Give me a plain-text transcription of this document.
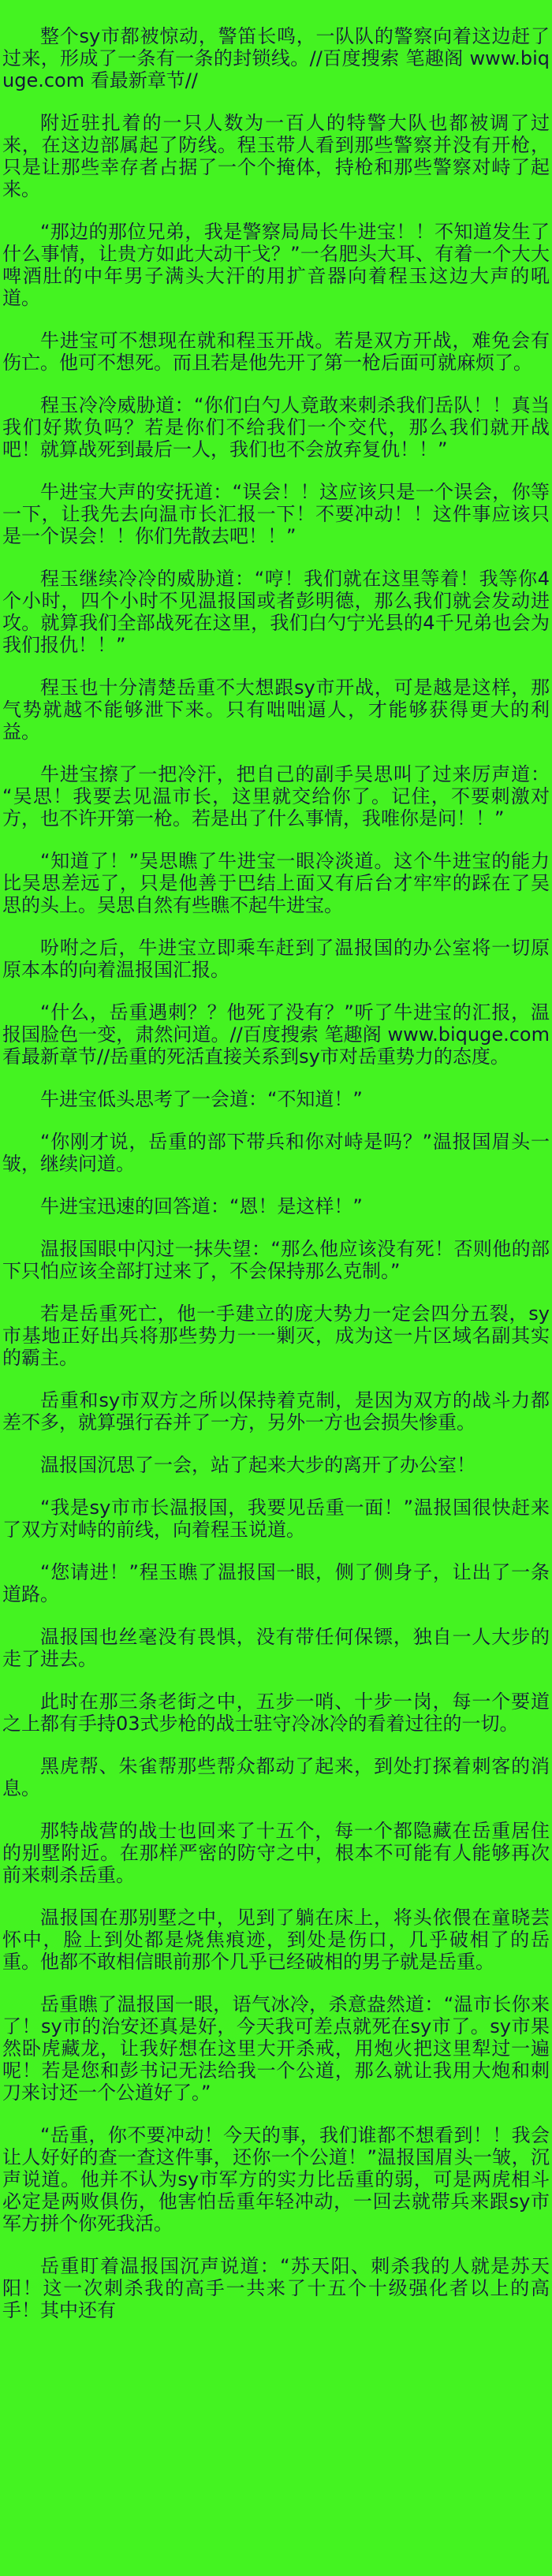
整个sy市都被惊动，警笛长鸣，一队队的警察向着这边赶了过来，形成了一条有一条的封锁线。//百度搜索 笔趣阁 www.biquge.com 看最新章节//

附近驻扎着的一只人数为一百人的特警大队也都被调了过来，在这边部属起了防线。程玉带人看到那些警察并没有开枪，只是让那些幸存者占据了一个个掩体，持枪和那些警察对峙了起来。

“那边的那位兄弟，我是警察局局长牛进宝！！不知道发生了什么事情，让贵方如此大动干戈？”一名肥头大耳、有着一个大大啤酒肚的中年男子满头大汗的用扩音器向着程玉这边大声的吼道。

牛进宝可不想现在就和程玉开战。若是双方开战，难免会有伤亡。他可不想死。而且若是他先开了第一枪后面可就麻烦了。

程玉冷冷威胁道：“你们白勺人竟敢来刺杀我们岳队！！真当我们好欺负吗？若是你们不给我们一个交代，那么我们就开战吧！就算战死到最后一人，我们也不会放弃复仇！！”

牛进宝大声的安抚道：“误会！！这应该只是一个误会，你等一下，让我先去向温市长汇报一下！不要冲动！！这件事应该只是一个误会！！你们先散去吧！！”

程玉继续冷冷的威胁道：“哼！我们就在这里等着！我等你4个小时，四个小时不见温报国或者彭明德，那么我们就会发动进攻。就算我们全部战死在这里，我们白勺宁光县的4千兄弟也会为我们报仇！！”

程玉也十分清楚岳重不大想跟sy市开战，可是越是这样，那气势就越不能够泄下来。只有咄咄逼人，才能够获得更大的利益。

牛进宝擦了一把冷汗，把自己的副手吴思叫了过来厉声道：“吴思！我要去见温市长，这里就交给你了。记住，不要刺激对方，也不许开第一枪。若是出了什么事情，我唯你是问！！”

“知道了！”吴思瞧了牛进宝一眼冷淡道。这个牛进宝的能力比吴思差远了，只是他善于巴结上面又有后台才牢牢的踩在了吴思的头上。吴思自然有些瞧不起牛进宝。

吩咐之后，牛进宝立即乘车赶到了温报国的办公室将一切原原本本的向着温报国汇报。

“什么，岳重遇刺？？他死了没有？”听了牛进宝的汇报，温报国脸色一变，肃然问道。//百度搜索 笔趣阁 www.biquge.com 看最新章节//岳重的死活直接关系到sy市对岳重势力的态度。

牛进宝低头思考了一会道：“不知道！”

“你刚才说，岳重的部下带兵和你对峙是吗？”温报国眉头一皱，继续问道。

牛进宝迅速的回答道：“恩！是这样！”

温报国眼中闪过一抹失望：“那么他应该没有死！否则他的部下只怕应该全部打过来了，不会保持那么克制。”

若是岳重死亡，他一手建立的庞大势力一定会四分五裂，sy市基地正好出兵将那些势力一一剿灭，成为这一片区域名副其实的霸主。

岳重和sy市双方之所以保持着克制，是因为双方的战斗力都差不多，就算强行吞并了一方，另外一方也会损失惨重。

温报国沉思了一会，站了起来大步的离开了办公室！

“我是sy市市长温报国，我要见岳重一面！”温报国很快赶来了双方对峙的前线，向着程玉说道。

“您请进！”程玉瞧了温报国一眼，侧了侧身子，让出了一条道路。

温报国也丝毫没有畏惧，没有带任何保镖，独自一人大步的走了进去。

此时在那三条老街之中，五步一哨、十步一岗，每一个要道之上都有手持03式步枪的战士驻守冷冰冷的看着过往的一切。

黑虎帮、朱雀帮那些帮众都动了起来，到处打探着刺客的消息。

那特战营的战士也回来了十五个，每一个都隐藏在岳重居住的别墅附近。在那样严密的防守之中，根本不可能有人能够再次前来刺杀岳重。

温报国在那别墅之中，见到了躺在床上，将头依偎在童晓芸怀中，脸上到处都是烧焦痕迹，到处是伤口，几乎破相了的岳重。他都不敢相信眼前那个几乎已经破相的男子就是岳重。

岳重瞧了温报国一眼，语气冰冷，杀意盎然道：“温市长你来了！sy市的治安还真是好，今天我可差点就死在sy市了。sy市果然卧虎藏龙，让我好想在这里大开杀戒，用炮火把这里犁过一遍呢！若是您和彭书记无法给我一个公道，那么就让我用大炮和刺刀来讨还一个公道好了。”

“岳重，你不要冲动！今天的事，我们谁都不想看到！！我会让人好好的查一查这件事，还你一个公道！”温报国眉头一皱，沉声说道。他并不认为sy市军方的实力比岳重的弱，可是两虎相斗必定是两败俱伤，他害怕岳重年轻冲动，一回去就带兵来跟sy市军方拼个你死我活。

岳重盯着温报国沉声说道：“苏天阳、刺杀我的人就是苏天阳！这一次刺杀我的高手一共来了十五个十级强化者以上的高手！其中还有
